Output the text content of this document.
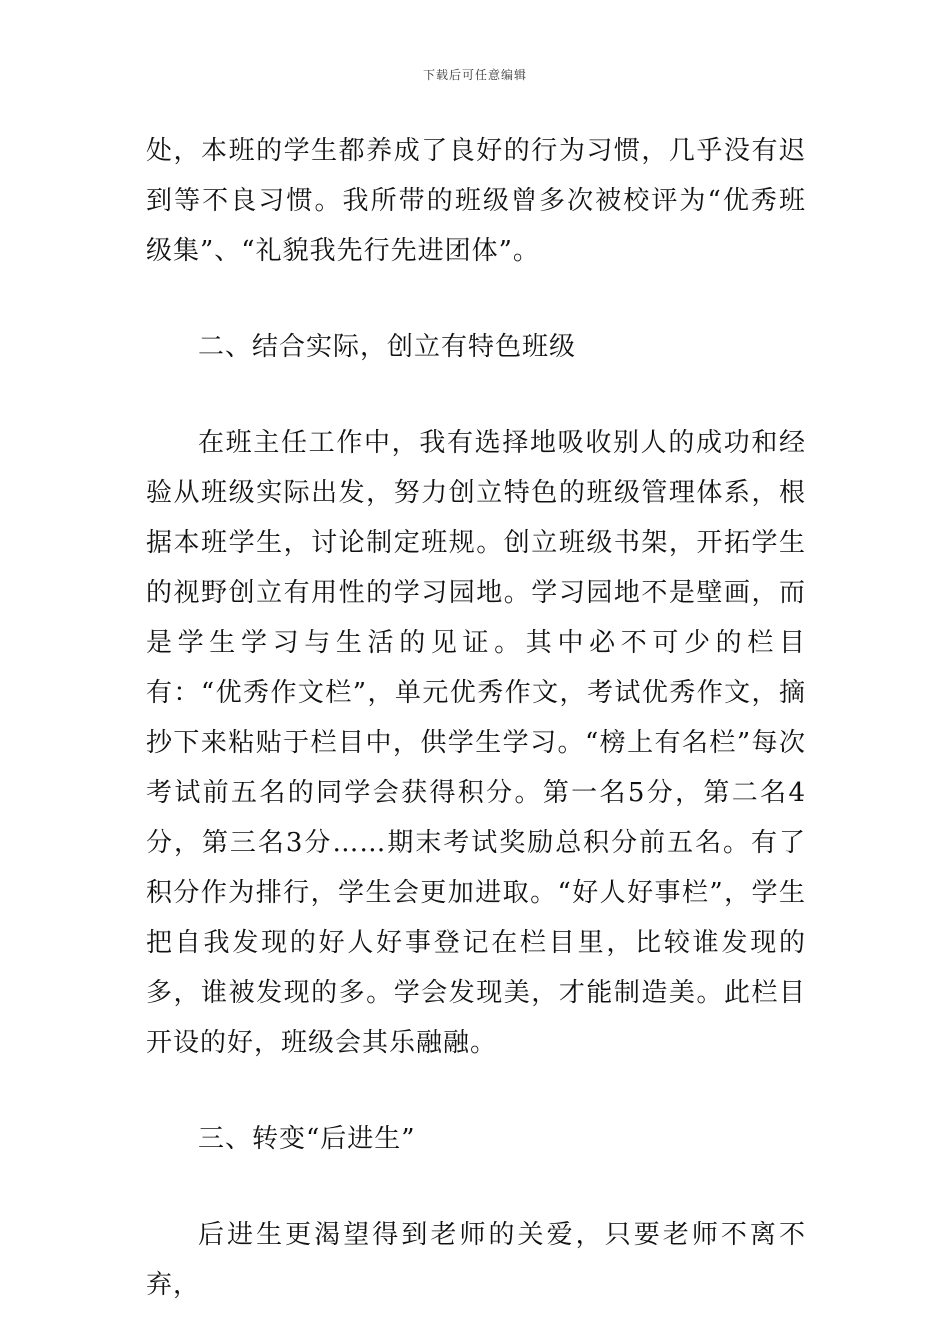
下载后可任意编辑

处，本班的学生都养成了良好的行为习惯，几乎没有迟到等不良习惯。我所带的班级曾多次被校评为“优秀班级集”、“礼貌我先行先进团体”。

二、结合实际，创立有特色班级

在班主任工作中，我有选择地吸收别人的成功和经验从班级实际出发，努力创立特色的班级管理体系，根据本班学生，讨论制定班规。创立班级书架，开拓学生的视野创立有用性的学习园地。学习园地不是壁画，而是学生学习与生活的见证。其中必不可少的栏目有：“优秀作文栏”，单元优秀作文，考试优秀作文，摘抄下来粘贴于栏目中，供学生学习。“榜上有名栏”每次考试前五名的同学会获得积分。第一名5分，第二名4分，第三名3分……期末考试奖励总积分前五名。有了积分作为排行，学生会更加进取。“好人好事栏”，学生把自我发现的好人好事登记在栏目里，比较谁发现的多，谁被发现的多。学会发现美，才能制造美。此栏目开设的好，班级会其乐融融。

三、转变“后进生”

后进生更渴望得到老师的关爱，只要老师不离不弃，
